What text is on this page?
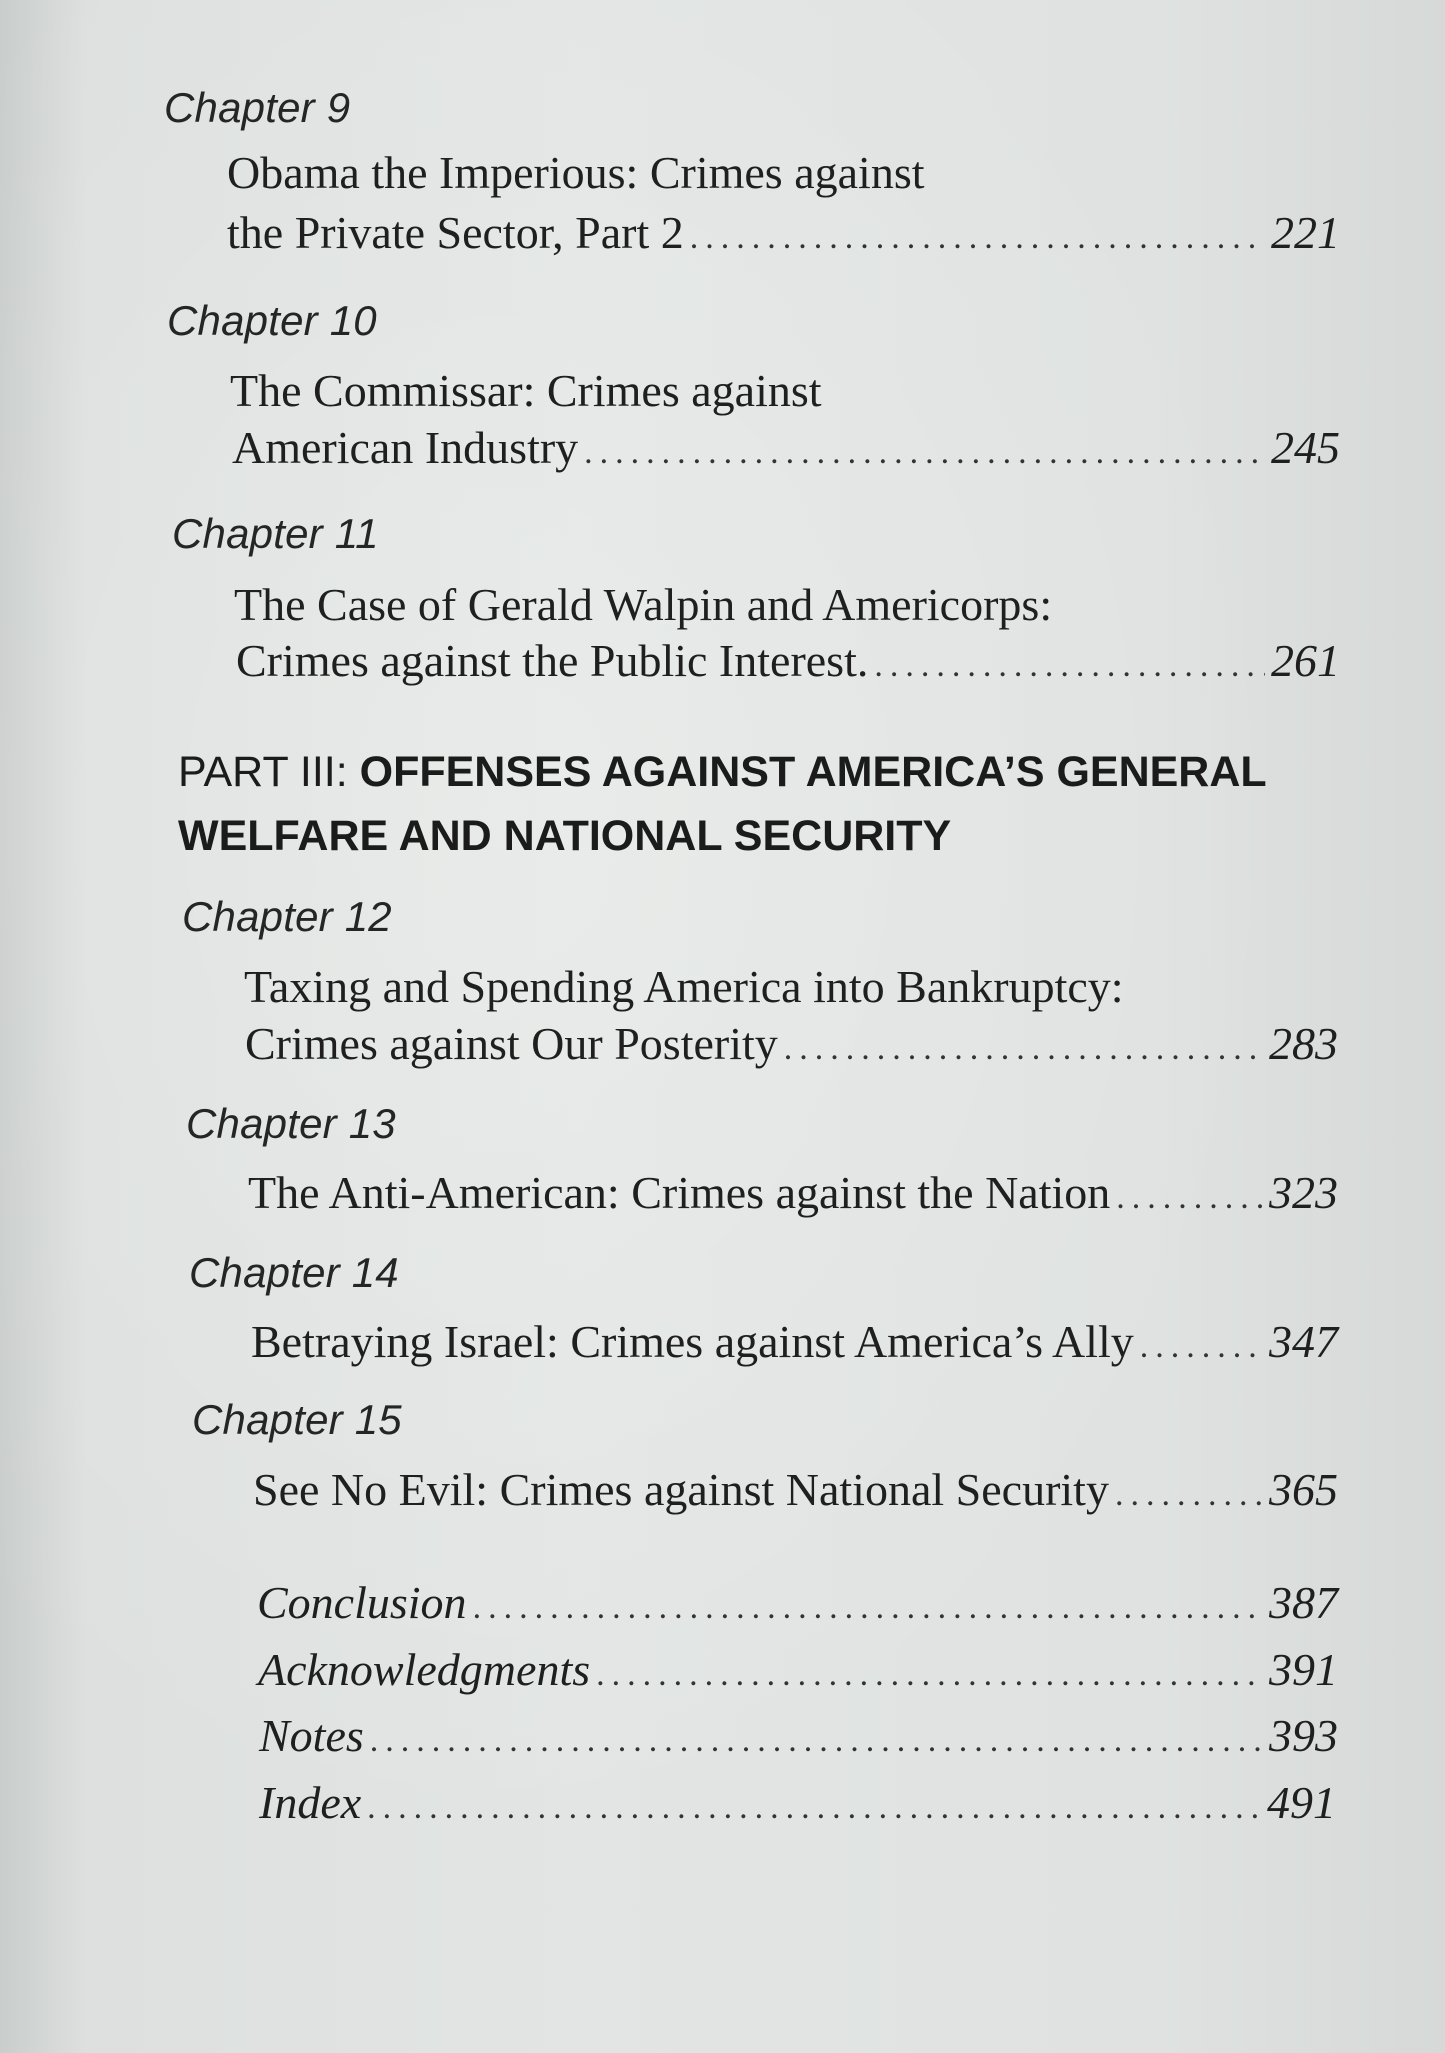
Chapter 9
Obama the Imperious: Crimes against
the Private Sector, Part 2 .....	221
Chapter 10
The Commissar: Crimes against
American Industry .....	245
Chapter 11
The Case of Gerald Walpin and Americorps:
Crimes against the Public Interest. .....	261
PART III: OFFENSES AGAINST AMERICA’S GENERAL
WELFARE AND NATIONAL SECURITY
Chapter 12
Taxing and Spending America into Bankruptcy:
Crimes against Our Posterity .....	283
Chapter 13
The Anti-American: Crimes against the Nation .....	323
Chapter 14
Betraying Israel: Crimes against America’s Ally .....	347
Chapter 15
See No Evil: Crimes against National Security .....	365
Conclusion .....	387
Acknowledgments .....	391
Notes .....	393
Index .....	491
